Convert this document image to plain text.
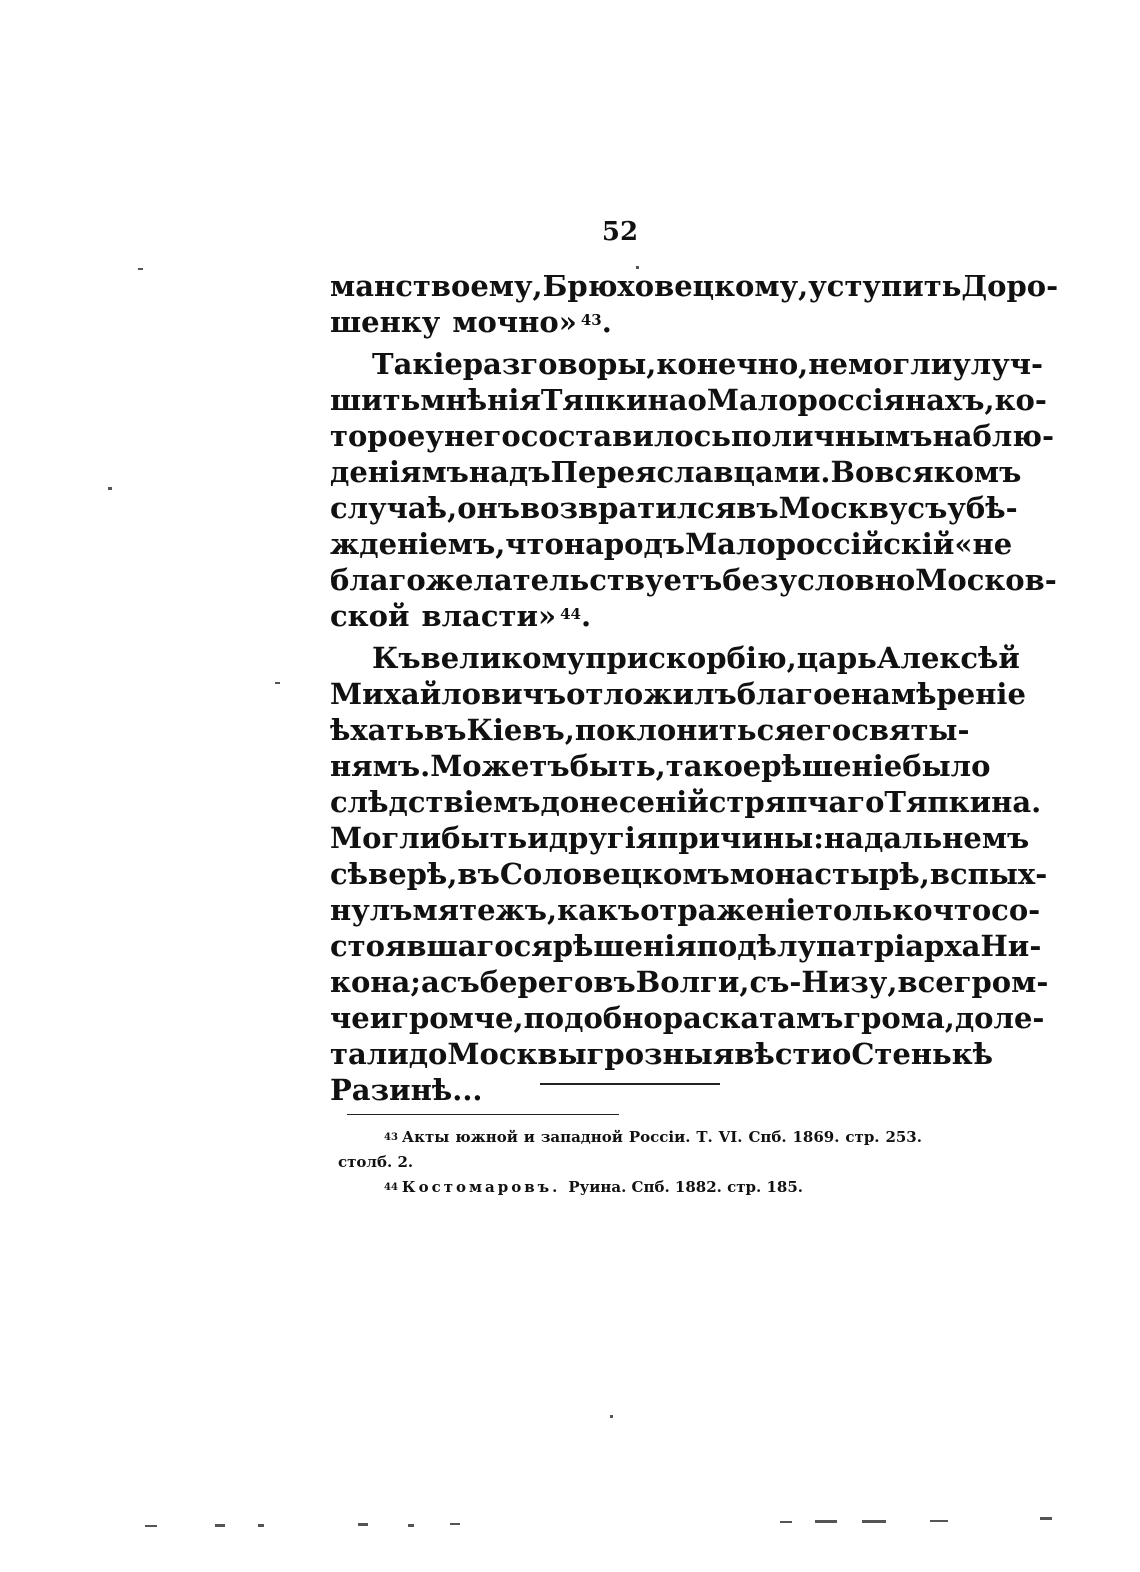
52
манство ему, Брюховецкому, уступить Доро-
шенку мочно» $^{43}$ .
Такіе разговоры, конечно, не могли улуч-
шить мнѣнія Тяпкина о Малороссіянахъ, ко-
торое у него составилось по личнымъ наблю-
деніямъ надъ Переяславцами. Во всякомъ
случаѣ, онъ возвратился въ Москву съ убѣ-
жденіемъ, что народъ Малороссійскій «не
благожелательствуетъ безусловно Москов-
ской власти» $^{44}$ .
Къ великому прискорбію, царь Алексѣй
Михайловичъ отложилъ благое намѣреніе
ѣхать въ Кіевъ, поклониться его святы-
нямъ. Можетъ быть, такое рѣшеніе было
слѣдствіемъ донесеній стряпчаго Тяпкина.
Могли быть и другія причины: на дальнемъ
сѣверѣ, въ Соловецкомъ монастырѣ, вспых-
нулъ мятежъ, какъ отраженіе только что со-
стоявшагося рѣшенія по дѣлу патріарха Ни-
кона; а съ береговъ Волги, съ-Низу, все гром-
че и громче, подобно раскатамъ грома, доле-
тали до Москвы грозныя вѣсти о Стенькѣ
Разинѣ...
$^{43}$ Акты южной и западной Россіи. Т. VI. Спб. 1869. стр. 253.
столб. 2.
44 Костомаровъ. Руина. Спб. 1882. стр. 185.
